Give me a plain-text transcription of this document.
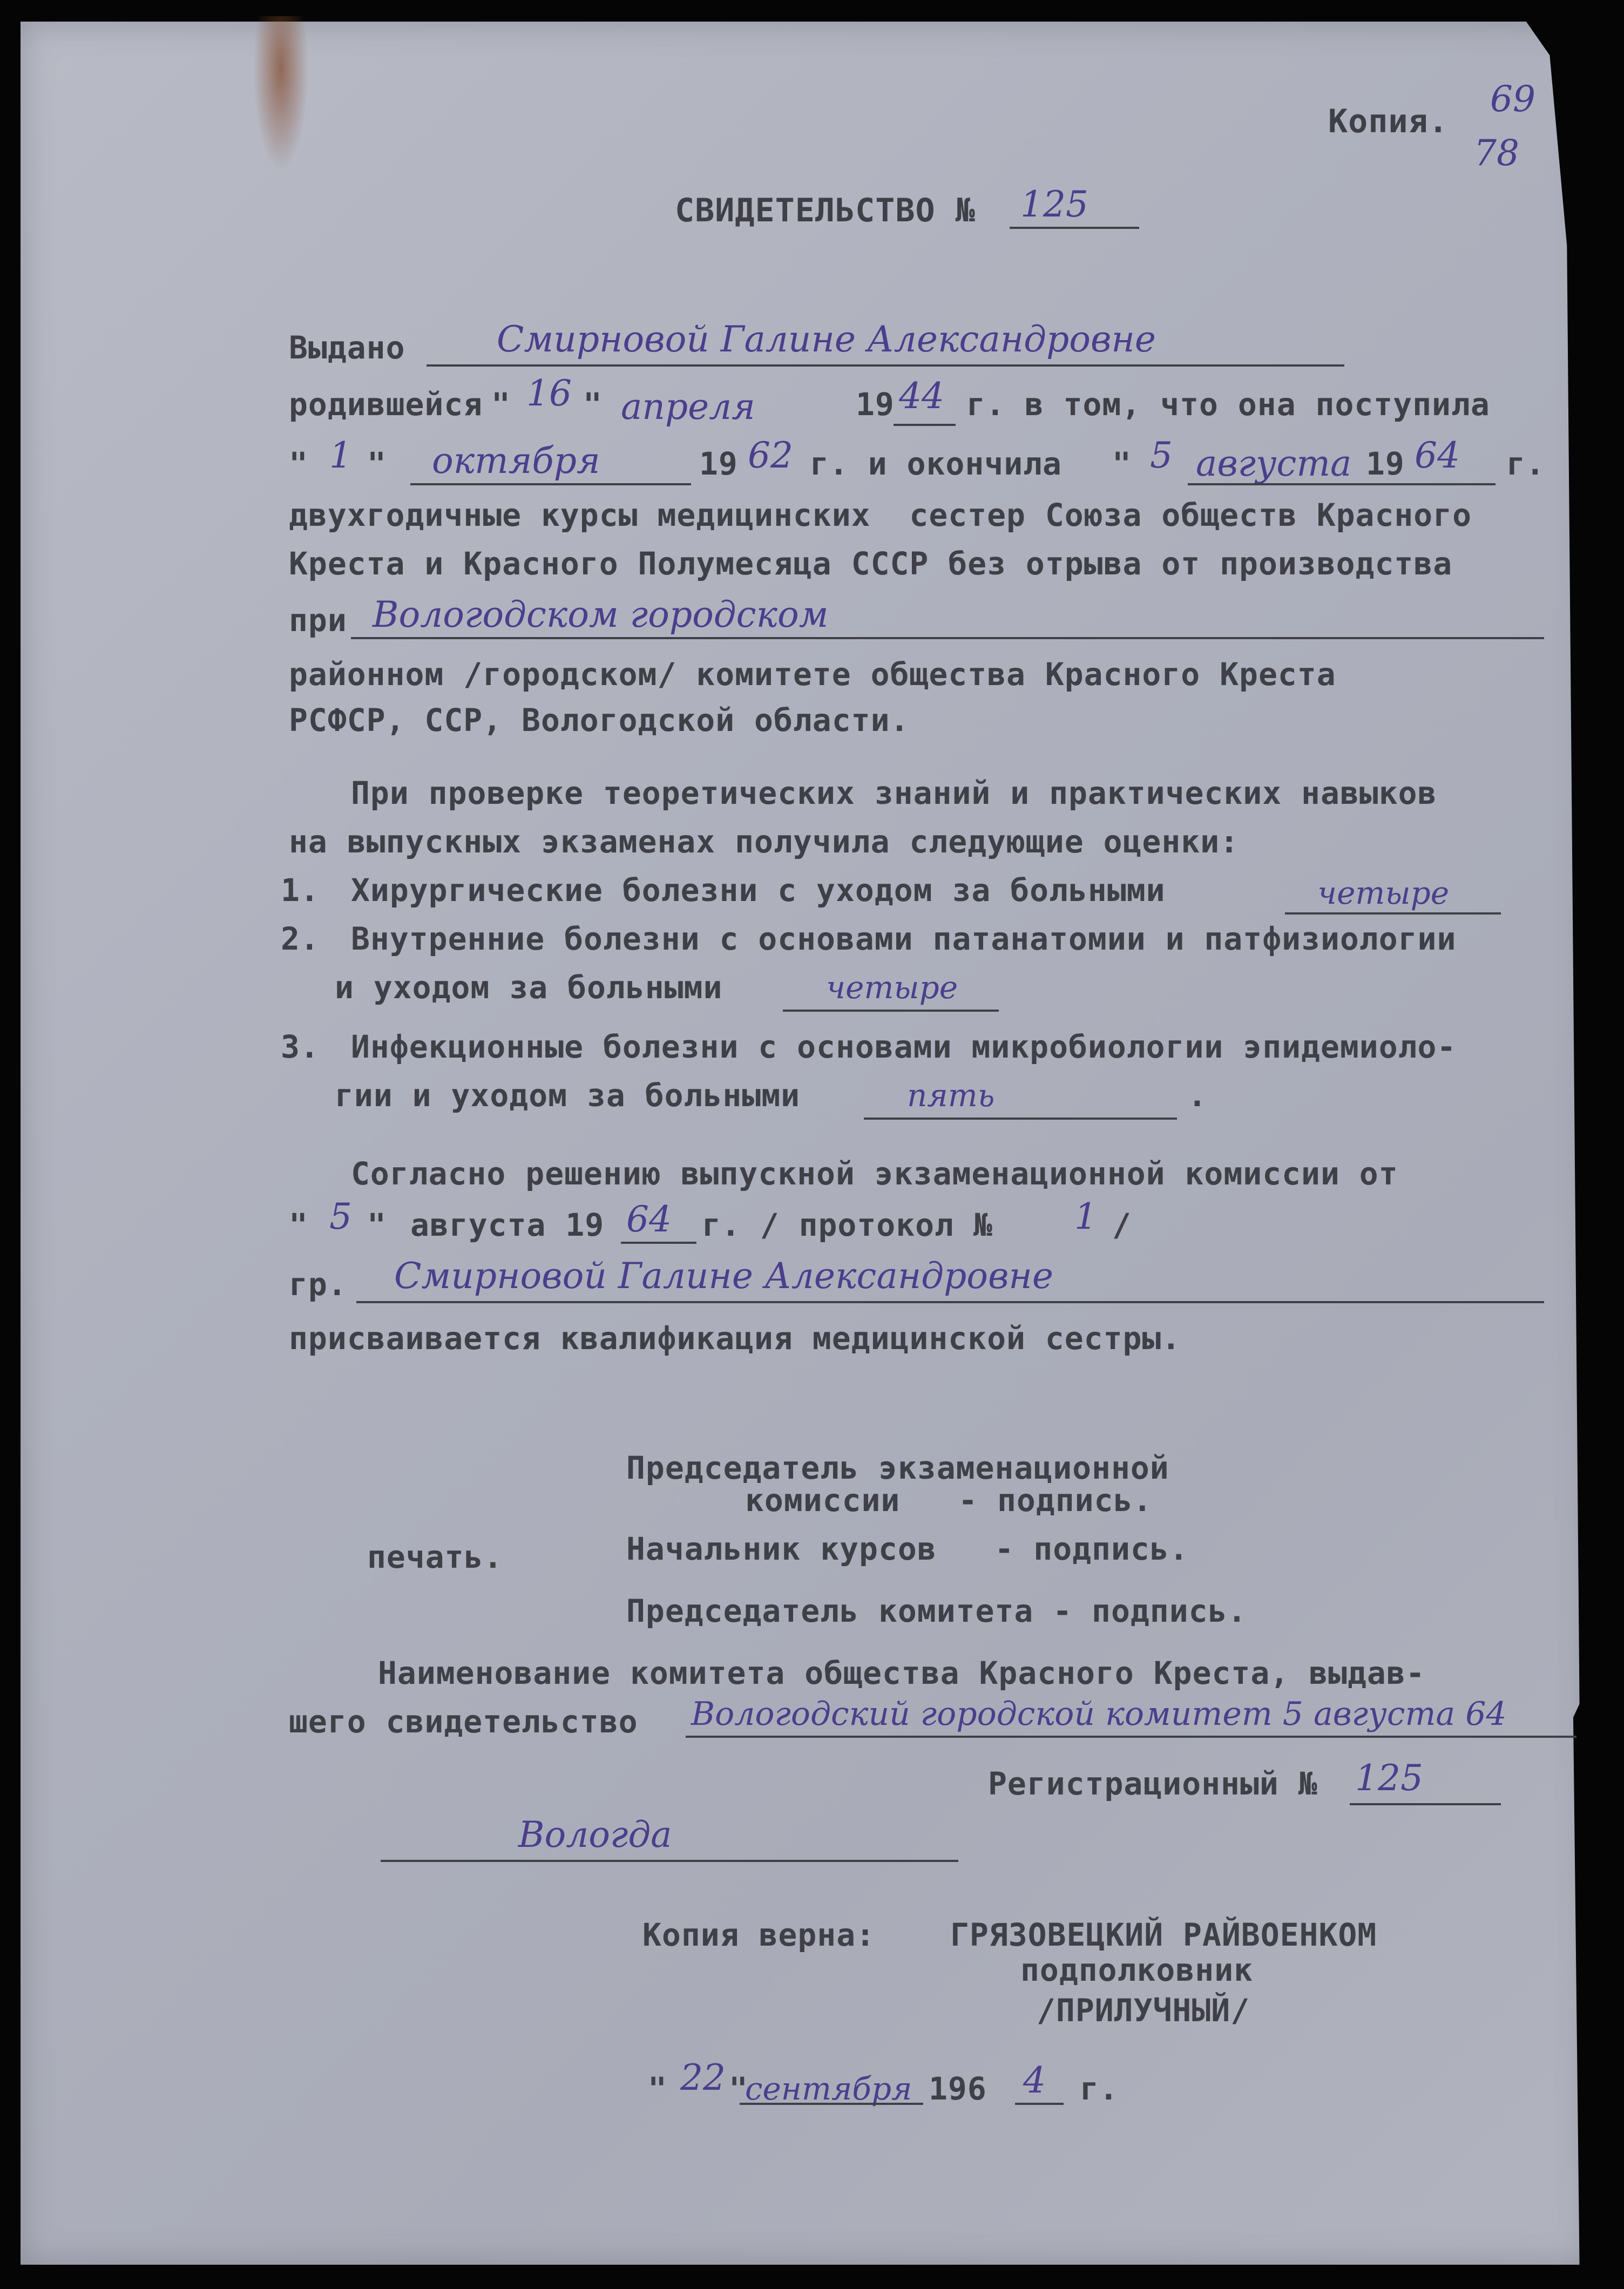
Копия.
69
78
СВИДЕТЕЛЬСТВО № 125
Выдано	Смирновой Галине Александровне
родившейся " 16 " апреля	19 44 г. в том, что она поступила
" 1 " октября	19 62 г. и окончила " 5 августа 19 64 г.
двухгодичные курсы медицинских  сестер Союза обществ Красного
Креста и Красного Полумесяца СССР без отрыва от производства
при Вологодском городском
районном /городском/ комитете общества Красного Креста
РСФСР, ССР, Вологодской области.
При проверке теоретических знаний и практических навыков
на выпускных экзаменах получила следующие оценки:
1. Хирургические болезни с уходом за больными	четыре
2. Внутренние болезни с основами патанатомии и патфизиологии
и уходом за больными	четыре
3. Инфекционные болезни с основами микробиологии эпидемиоло-
гии и уходом за больными	пять	.
Согласно решению выпускной экзаменационной комиссии от
" 5 " августа 19 64 г. / протокол № 1 /
гр. Смирновой Галине Александровне
присваивается квалификация медицинской сестры.
Председатель экзаменационной
комиссии   - подпись.
печать.	Начальник курсов   - подпись.
Председатель комитета - подпись.
Наименование комитета общества Красного Креста, выдав-
шего свидетельство Вологодский городской комитет 5 августа 64
Регистрационный № 125
Вологда
Копия верна: ГРЯЗОВЕЦКИЙ РАЙВОЕНКОМ
подполковник
/ПРИЛУЧНЫЙ/
" 22 "
сентября 196 4 г.
